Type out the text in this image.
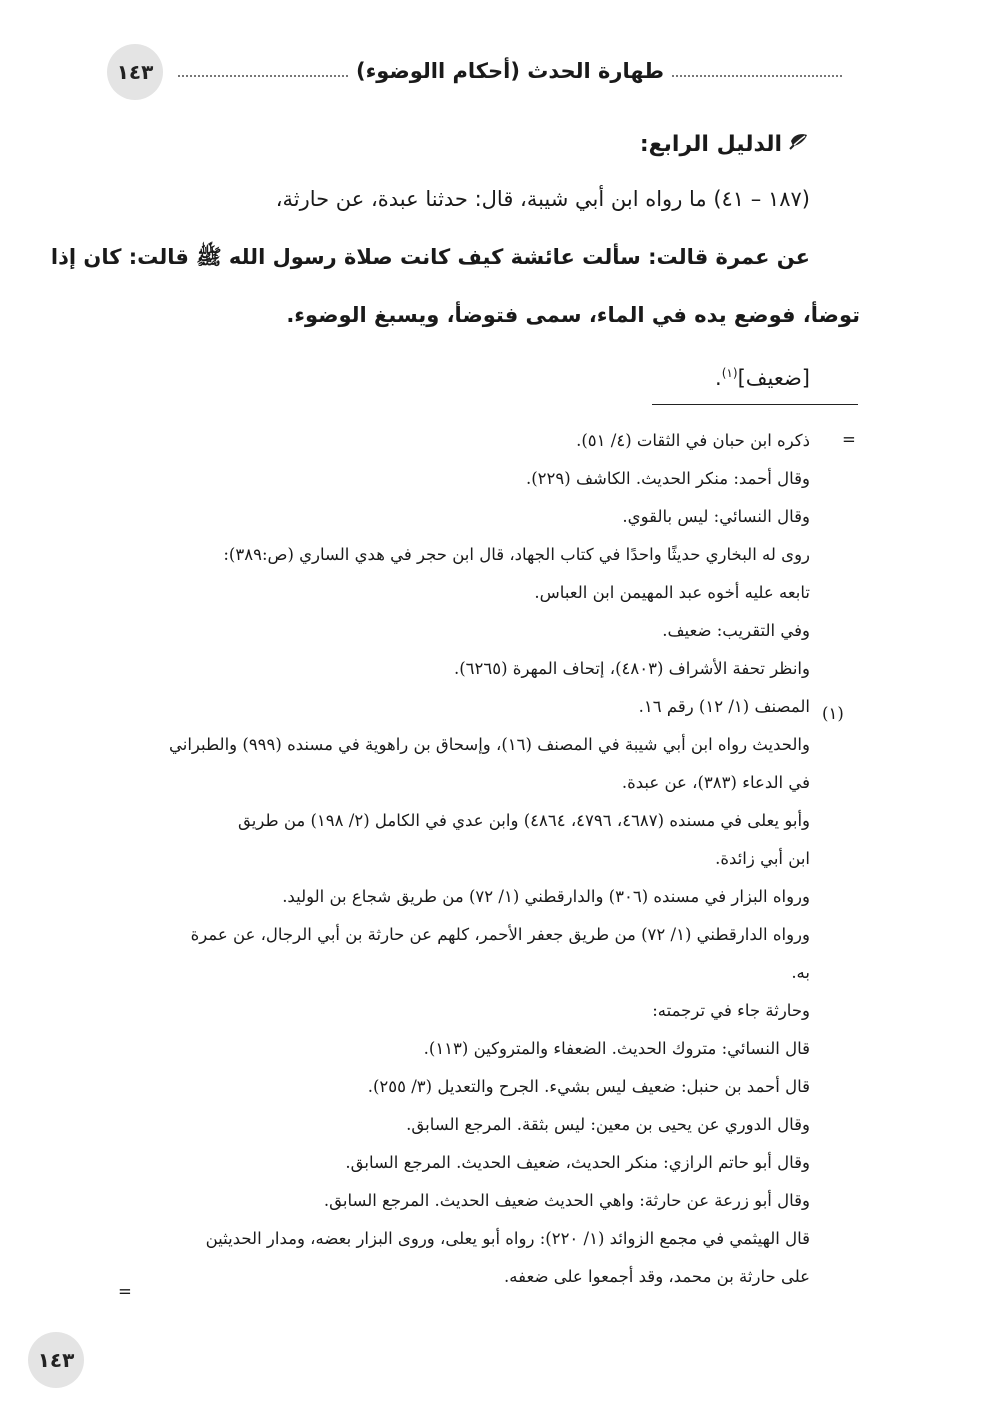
١٤٣	طهارة الحدث (أحكام االوضوء)
الدليل الرابع:
(١٨٧ – ٤١) ما رواه ابن أبي شيبة، قال: حدثنا عبدة، عن حارثة،
عن عمرة قالت: سألت عائشة كيف كانت صلاة رسول الله ﷺ قالت: كان إذا
توضأ، فوضع يده في الماء، سمى فتوضأ، ويسبغ الوضوء.
[ضعيف]$^{(١)}$.
=
(١)
=
ذكره ابن حبان في الثقات (٤/ ٥١).
وقال أحمد: منكر الحديث. الكاشف (٢٢٩).
وقال النسائي: ليس بالقوي.
روى له البخاري حديثًا واحدًا في كتاب الجهاد، قال ابن حجر في هدي الساري (ص:٣٨٩):
تابعه عليه أخوه عبد المهيمن ابن العباس.
وفي التقريب: ضعيف.
وانظر تحفة الأشراف (٤٨٠٣)، إتحاف المهرة (٦٢٦٥).
المصنف (١/ ١٢) رقم ١٦.
والحديث رواه ابن أبي شيبة في المصنف (١٦)، وإسحاق بن راهوية في مسنده (٩٩٩) والطبراني
في الدعاء (٣٨٣)، عن عبدة.
وأبو يعلى في مسنده (٤٦٨٧، ٤٧٩٦، ٤٨٦٤) وابن عدي في الكامل (٢/ ١٩٨) من طريق
ابن أبي زائدة.
ورواه البزار في مسنده (٣٠٦) والدارقطني (١/ ٧٢) من طريق شجاع بن الوليد.
ورواه الدارقطني (١/ ٧٢) من طريق جعفر الأحمر، كلهم عن حارثة بن أبي الرجال، عن عمرة
به.
وحارثة جاء في ترجمته:
قال النسائي: متروك الحديث. الضعفاء والمتروكين (١١٣).
قال أحمد بن حنبل: ضعيف ليس بشيء. الجرح والتعديل (٣/ ٢٥٥).
وقال الدوري عن يحيى بن معين: ليس بثقة. المرجع السابق.
وقال أبو حاتم الرازي: منكر الحديث، ضعيف الحديث. المرجع السابق.
وقال أبو زرعة عن حارثة: واهي الحديث ضعيف الحديث. المرجع السابق.
قال الهيثمي في مجمع الزوائد (١/ ٢٢٠): رواه أبو يعلى، وروى البزار بعضه، ومدار الحديثين
على حارثة بن محمد، وقد أجمعوا على ضعفه.
١٤٣
